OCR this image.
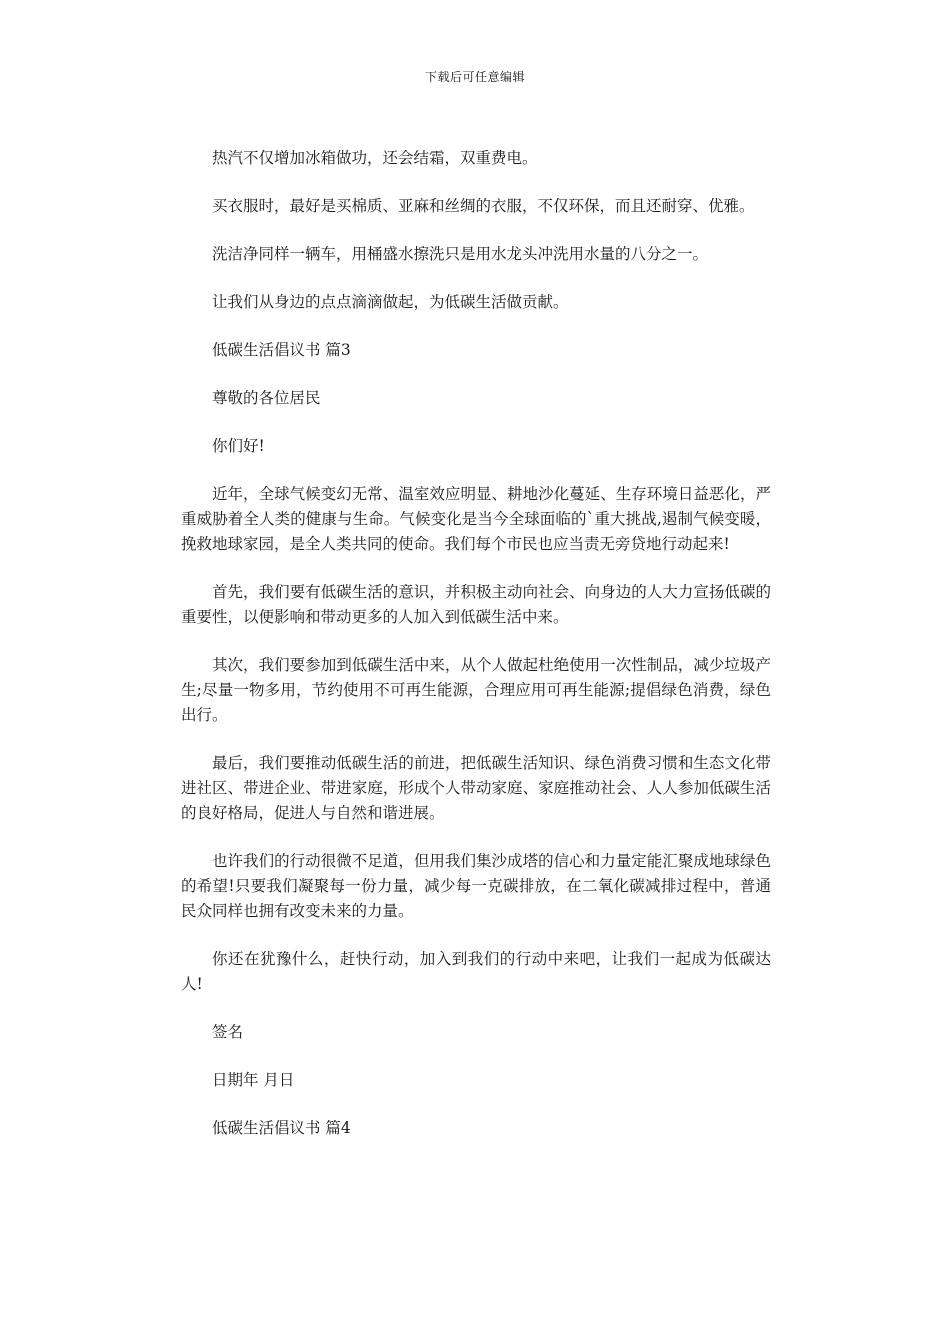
下载后可任意编辑

热汽不仅增加冰箱做功，还会结霜，双重费电。

买衣服时，最好是买棉质、亚麻和丝绸的衣服，不仅环保，而且还耐穿、优雅。

洗洁净同样一辆车，用桶盛水擦洗只是用水龙头冲洗用水量的八分之一。

让我们从身边的点点滴滴做起，为低碳生活做贡献。

低碳生活倡议书 篇3

尊敬的各位居民

你们好!

近年，全球气候变幻无常、温室效应明显、耕地沙化蔓延、生存环境日益恶化，严重威胁着全人类的健康与生命。气候变化是当今全球面临的`重大挑战,遏制气候变暖，挽救地球家园，是全人类共同的使命。我们每个市民也应当责无旁贷地行动起来!

首先，我们要有低碳生活的意识，并积极主动向社会、向身边的人大力宣扬低碳的重要性，以便影响和带动更多的人加入到低碳生活中来。

其次，我们要参加到低碳生活中来，从个人做起杜绝使用一次性制品，减少垃圾产生;尽量一物多用，节约使用不可再生能源，合理应用可再生能源;提倡绿色消费，绿色出行。

最后，我们要推动低碳生活的前进，把低碳生活知识、绿色消费习惯和生态文化带进社区、带进企业、带进家庭，形成个人带动家庭、家庭推动社会、人人参加低碳生活的良好格局，促进人与自然和谐进展。

也许我们的行动很微不足道，但用我们集沙成塔的信心和力量定能汇聚成地球绿色的希望!只要我们凝聚每一份力量，减少每一克碳排放，在二氧化碳减排过程中，普通民众同样也拥有改变未来的力量。

你还在犹豫什么，赶快行动，加入到我们的行动中来吧，让我们一起成为低碳达人!

签名

日期年 月日

低碳生活倡议书 篇4
